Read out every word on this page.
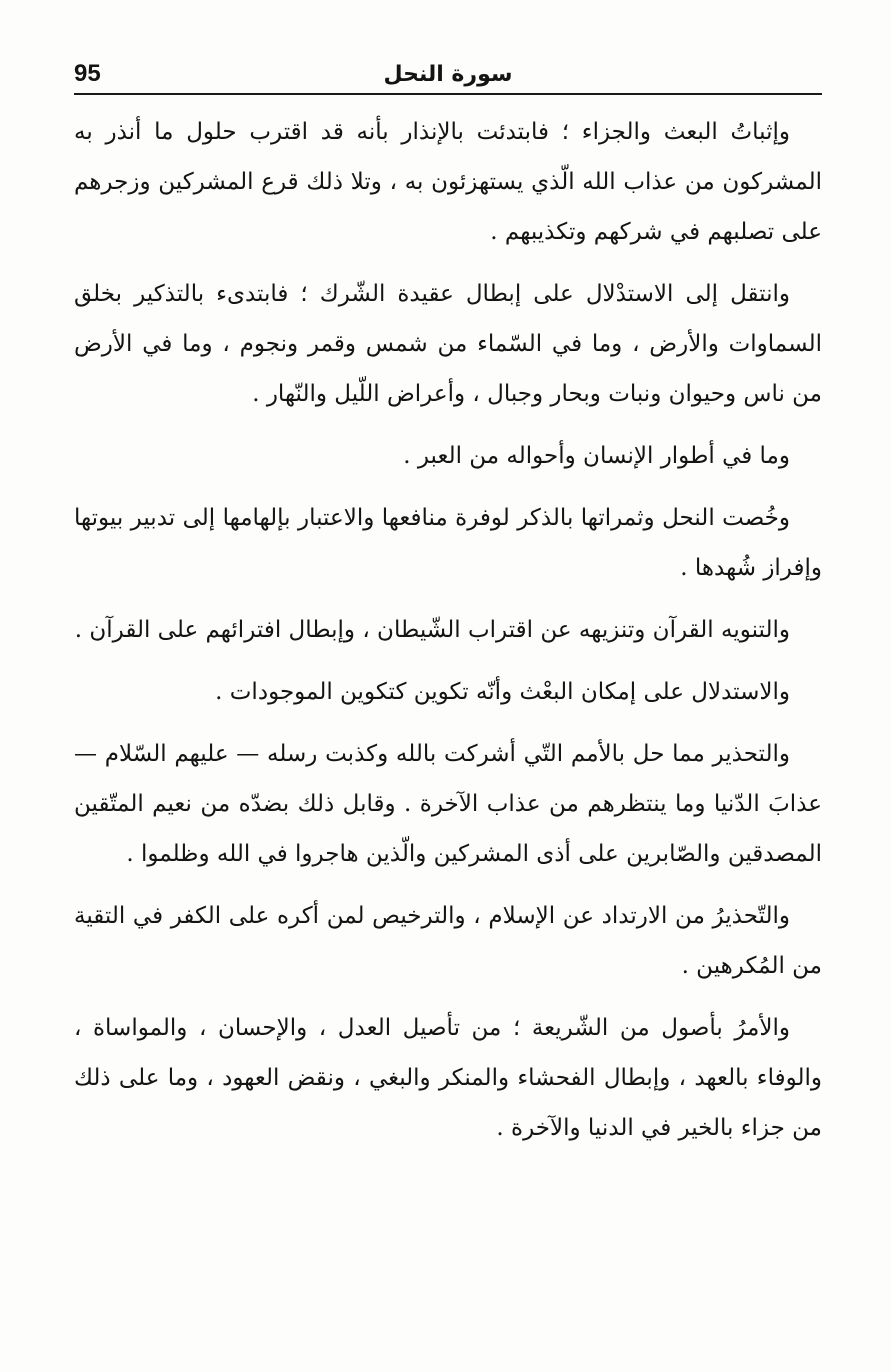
95	سورة النحل

وإثباتُ البعث والجزاء ؛ فابتدئت بالإنذار بأنه قد اقترب حلول ما أنذر به المشركون من عذاب الله الّذي يستهزئون به ، وتلا ذلك قرع المشركين وزجرهم على تصلبهم في شركهم وتكذيبهم .

وانتقل إلى الاستدْلال على إبطال عقيدة الشّرك ؛ فابتدىء بالتذكير بخلق السماوات والأرض ، وما في السّماء من شمس وقمر ونجوم ، وما في الأرض من ناس وحيوان ونبات وبحار وجبال ، وأعراض اللّيل والنّهار .

وما في أطوار الإنسان وأحواله من العبر .

وخُصت النحل وثمراتها بالذكر لوفرة منافعها والاعتبار بإلهامها إلى تدبير بيوتها وإفراز شُهدها .

والتنويه القرآن وتنزيهه عن اقتراب الشّيطان ، وإبطال افترائهم على القرآن .

والاستدلال على إمكان البعْث وأنّه تكوين كتكوين الموجودات .

والتحذير مما حل بالأمم التّي أشركت بالله وكذبت رسله — عليهم السّلام — عذابَ الدّنيا وما ينتظرهم من عذاب الآخرة . وقابل ذلك بضدّه من نعيم المتّقين المصدقين والصّابرين على أذى المشركين والّذين هاجروا في الله وظلموا .

والتّحذيرُ من الارتداد عن الإسلام ، والترخيص لمن أكره على الكفر في التقية من المُكرهين .

والأمرُ بأصول من الشّريعة ؛ من تأصيل العدل ، والإحسان ، والمواساة ، والوفاء بالعهد ، وإبطال الفحشاء والمنكر والبغي ، ونقض العهود ، وما على ذلك من جزاء بالخير في الدنيا والآخرة .
